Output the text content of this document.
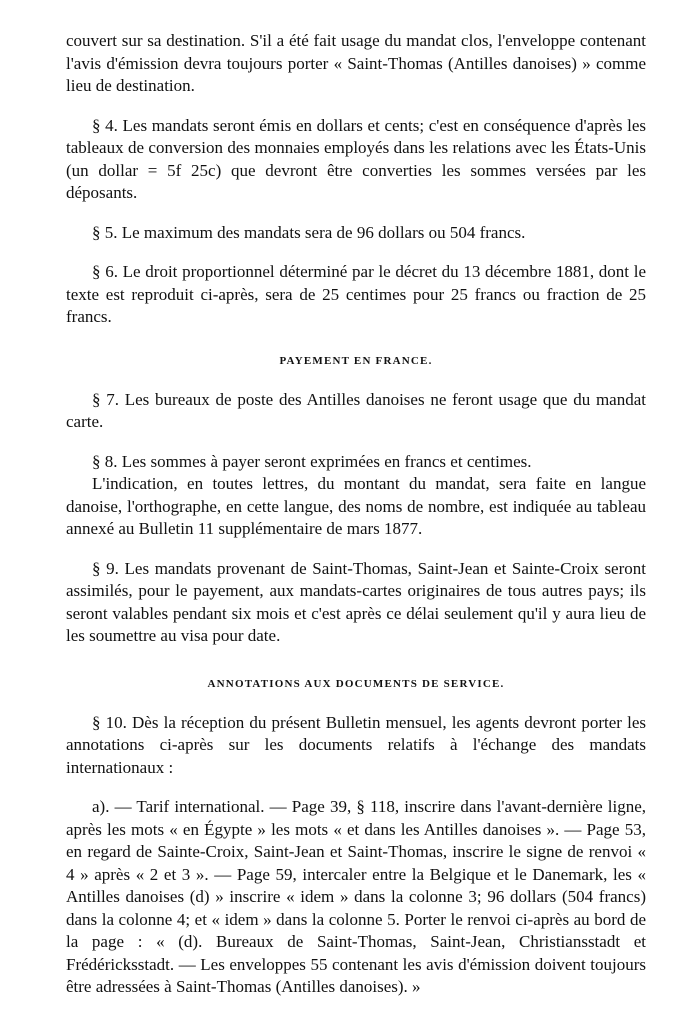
couvert sur sa destination. S'il a été fait usage du mandat clos, l'enveloppe contenant l'avis d'émission devra toujours porter « Saint-Thomas (Antilles danoises) » comme lieu de destination.

§ 4. Les mandats seront émis en dollars et cents; c'est en conséquence d'après les tableaux de conversion des monnaies employés dans les relations avec les États-Unis (un dollar = 5f 25c) que devront être converties les sommes versées par les déposants.

§ 5. Le maximum des mandats sera de 96 dollars ou 504 francs.

§ 6. Le droit proportionnel déterminé par le décret du 13 décembre 1881, dont le texte est reproduit ci-après, sera de 25 centimes pour 25 francs ou fraction de 25 francs.

PAYEMENT EN FRANCE.

§ 7. Les bureaux de poste des Antilles danoises ne feront usage que du mandat carte.

§ 8. Les sommes à payer seront exprimées en francs et centimes.

L'indication, en toutes lettres, du montant du mandat, sera faite en langue danoise, l'orthographe, en cette langue, des noms de nombre, est indiquée au tableau annexé au Bulletin 11 supplémentaire de mars 1877.

§ 9. Les mandats provenant de Saint-Thomas, Saint-Jean et Sainte-Croix seront assimilés, pour le payement, aux mandats-cartes originaires de tous autres pays; ils seront valables pendant six mois et c'est après ce délai seulement qu'il y aura lieu de les soumettre au visa pour date.

ANNOTATIONS AUX DOCUMENTS DE SERVICE.

§ 10. Dès la réception du présent Bulletin mensuel, les agents devront porter les annotations ci-après sur les documents relatifs à l'échange des mandats internationaux :

a). — Tarif international. — Page 39, § 118, inscrire dans l'avant-dernière ligne, après les mots « en Égypte » les mots « et dans les Antilles danoises ». — Page 53, en regard de Sainte-Croix, Saint-Jean et Saint-Thomas, inscrire le signe de renvoi « 4 » après « 2 et 3 ». — Page 59, intercaler entre la Belgique et le Danemark, les « Antilles danoises (d) » inscrire « idem » dans la colonne 3; 96 dollars (504 francs) dans la colonne 4; et « idem » dans la colonne 5. Porter le renvoi ci-après au bord de la page : « (d). Bureaux de Saint-Thomas, Saint-Jean, Christiansstadt et Frédéricksstadt. — Les enveloppes 55 contenant les avis d'émission doivent toujours être adressées à Saint-Thomas (Antilles danoises). »
